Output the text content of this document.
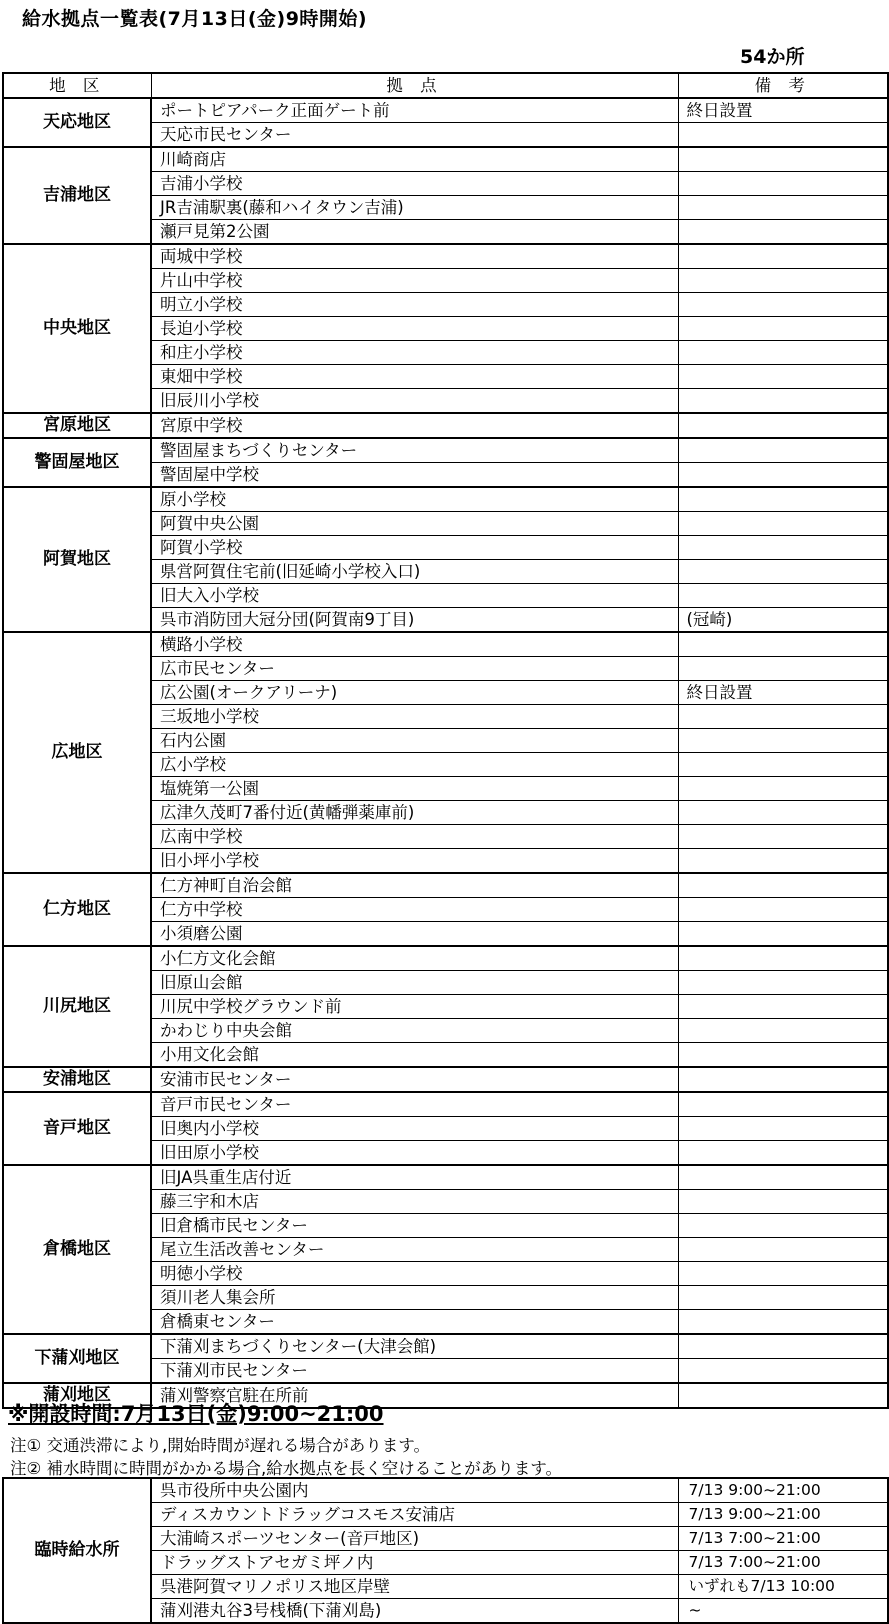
給水拠点一覧表(7月13日(金)9時開始)
54か所
地 区	拠 点	備 考
天応地区	ポートピアパーク正面ゲート前	終日設置
	天応市民センター	
吉浦地区	川崎商店	
	吉浦小学校	
	JR吉浦駅裏(藤和ハイタウン吉浦)	
	瀬戸見第2公園	
中央地区	両城中学校	
	片山中学校	
	明立小学校	
	長迫小学校	
	和庄小学校	
	東畑中学校	
	旧辰川小学校	
宮原地区	宮原中学校	
警固屋地区	警固屋まちづくりセンター	
	警固屋中学校	
阿賀地区	原小学校	
	阿賀中央公園	
	阿賀小学校	
	県営阿賀住宅前(旧延崎小学校入口)	
	旧大入小学校	
	呉市消防団大冠分団(阿賀南9丁目)	(冠崎)
広地区	横路小学校	
	広市民センター	
	広公園(オークアリーナ)	終日設置
	三坂地小学校	
	石内公園	
	広小学校	
	塩焼第一公園	
	広津久茂町7番付近(黄幡弾薬庫前)	
	広南中学校	
	旧小坪小学校	
仁方地区	仁方神町自治会館	
	仁方中学校	
	小須磨公園	
川尻地区	小仁方文化会館	
	旧原山会館	
	川尻中学校グラウンド前	
	かわじり中央会館	
	小用文化会館	
安浦地区	安浦市民センター	
音戸地区	音戸市民センター	
	旧奥内小学校	
	旧田原小学校	
倉橋地区	旧JA呉重生店付近	
	藤三宇和木店	
	旧倉橋市民センター	
	尾立生活改善センター	
	明徳小学校	
	須川老人集会所	
	倉橋東センター	
下蒲刈地区	下蒲刈まちづくりセンター(大津会館)	
	下蒲刈市民センター	
蒲刈地区	蒲刈警察官駐在所前	
※開設時間:7月13日(金)9:00~21:00
注① 交通渋滞により,開始時間が遅れる場合があります。
注② 補水時間に時間がかかる場合,給水拠点を長く空けることがあります。
臨時給水所	呉市役所中央公園内	7/13 9:00~21:00
	ディスカウントドラッグコスモス安浦店	7/13 9:00~21:00
	大浦崎スポーツセンター(音戸地区)	7/13 7:00~21:00
	ドラッグストアセガミ坪ノ内	7/13 7:00~21:00
	呉港阿賀マリノポリス地区岸壁	いずれも7/13 10:00
	蒲刈港丸谷3号桟橋(下蒲刈島)	~
